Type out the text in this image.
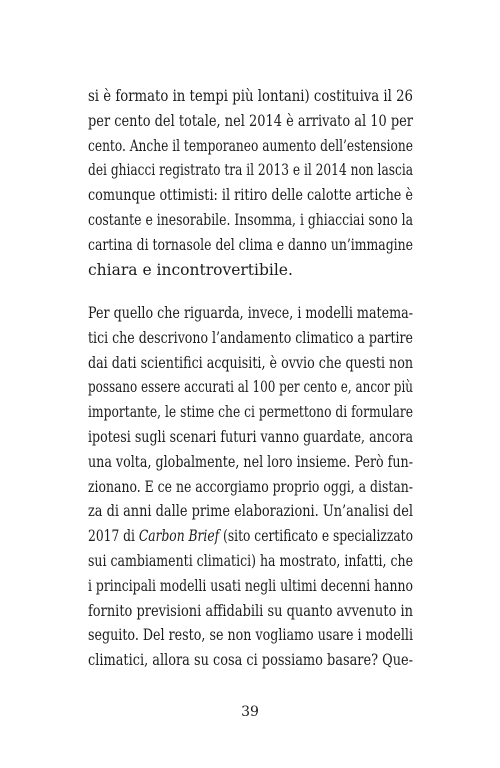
si è formato in tempi più lontani) costituiva il 26
per cento del totale, nel 2014 è arrivato al 10 per
cento. Anche il temporaneo aumento dell’estensione
dei ghiacci registrato tra il 2013 e il 2014 non lascia
comunque ottimisti: il ritiro delle calotte artiche è
costante e inesorabile. Insomma, i ghiacciai sono la
cartina di tornasole del clima e danno un’immagine
chiara e incontrovertibile.
Per quello che riguarda, invece, i modelli matema-
tici che descrivono l’andamento climatico a partire
dai dati scientifici acquisiti, è ovvio che questi non
possano essere accurati al 100 per cento e, ancor più
importante, le stime che ci permettono di formulare
ipotesi sugli scenari futuri vanno guardate, ancora
una volta, globalmente, nel loro insieme. Però fun-
zionano. E ce ne accorgiamo proprio oggi, a distan-
za di anni dalle prime elaborazioni. Un’analisi del
2017 di Carbon Brief (sito certificato e specializzato
sui cambiamenti climatici) ha mostrato, infatti, che
i principali modelli usati negli ultimi decenni hanno
fornito previsioni affidabili su quanto avvenuto in
seguito. Del resto, se non vogliamo usare i modelli
climatici, allora su cosa ci possiamo basare? Que-
39
